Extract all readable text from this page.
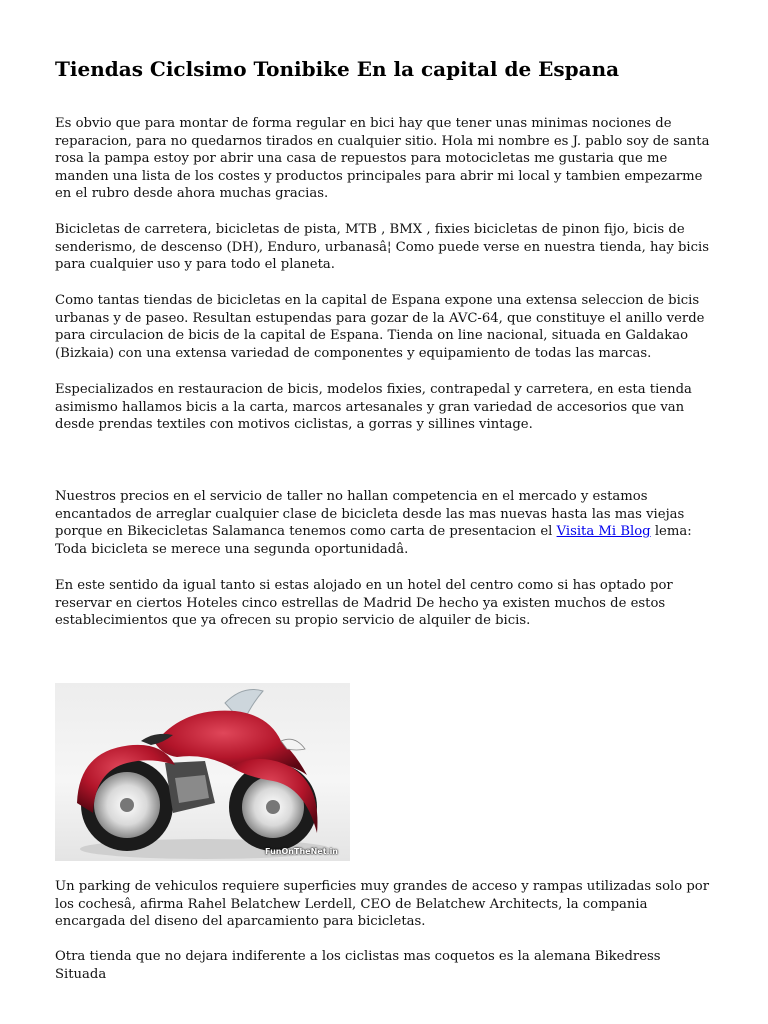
Tiendas Ciclsimo Tonibike En la capital de Espana

Es obvio que para montar de forma regular en bici hay que tener unas minimas nociones de reparacion, para no quedarnos tirados en cualquier sitio. Hola mi nombre es J. pablo soy de santa rosa la pampa estoy por abrir una casa de repuestos para motocicletas me gustaria que me manden una lista de los costes y productos principales para abrir mi local y tambien empezarme en el rubro desde ahora muchas gracias.

Bicicletas de carretera, bicicletas de pista, MTB , BMX , fixies bicicletas de pinon fijo, bicis de senderismo, de descenso (DH), Enduro, urbanasâ¦ Como puede verse en nuestra tienda, hay bicis para cualquier uso y para todo el planeta.

Como tantas tiendas de bicicletas en la capital de Espana expone una extensa seleccion de bicis urbanas y de paseo. Resultan estupendas para gozar de la AVC-64, que constituye el anillo verde para circulacion de bicis de la capital de Espana. Tienda on line nacional, situada en Galdakao (Bizkaia) con una extensa variedad de componentes y equipamiento de todas las marcas.

Especializados en restauracion de bicis, modelos fixies, contrapedal y carretera, en esta tienda asimismo hallamos bicis a la carta, marcos artesanales y gran variedad de accesorios que van desde prendas textiles con motivos ciclistas, a gorras y sillines vintage.

Nuestros precios en el servicio de taller no hallan competencia en el mercado y estamos encantados de arreglar cualquier clase de bicicleta desde las mas nuevas hasta las mas viejas porque en Bikecicletas Salamanca tenemos como carta de presentacion el Visita Mi Blog lema: Toda bicicleta se merece una segunda oportunidadâ.

En este sentido da igual tanto si estas alojado en un hotel del centro como si has optado por reservar en ciertos Hoteles cinco estrellas de Madrid De hecho ya existen muchos de estos establecimientos que ya ofrecen su propio servicio de alquiler de bicis.

FunOnTheNet.in

Un parking de vehiculos requiere superficies muy grandes de acceso y rampas utilizadas solo por los cochesâ, afirma Rahel Belatchew Lerdell, CEO de Belatchew Architects, la compania encargada del diseno del aparcamiento para bicicletas.

Otra tienda que no dejara indiferente a los ciclistas mas coquetos es la alemana Bikedress Situada
